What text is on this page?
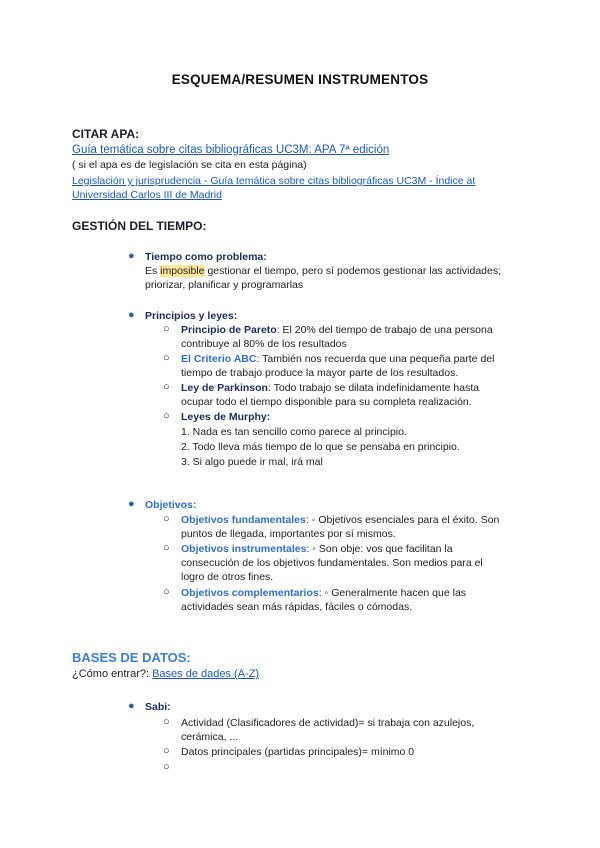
ESQUEMA/RESUMEN INSTRUMENTOS
CITAR APA:
Guía temática sobre citas bibliográficas UC3M: APA 7ª edición
( si el apa es de legislación se cita en esta página)
Legislación y jurisprudencia - Guía temática sobre citas bibliográficas UC3M - Índice at
Universidad Carlos III de Madrid
GESTIÓN DEL TIEMPO:
● Tiempo como problema:
Es imposible gestionar el tiempo, pero sí podemos gestionar las actividades;
priorizar, planificar y programarlas
● Principios y leyes:
○ Principio de Pareto: El 20% del tiempo de trabajo de una persona
contribuye al 80% de los resultados
○ El Criterio ABC: También nos recuerda que una pequeña parte del
tiempo de trabajo produce la mayor parte de los resultados.
○ Ley de Parkinson: Todo trabajo se dilata indefinidamente hasta
ocupar todo el tiempo disponible para su completa realización.
○ Leyes de Murphy:
1. Nada es tan sencillo como parece al principio.
2. Todo lleva más tiempo de lo que se pensaba en principio.
3. Si algo puede ir mal, irá mal
● Objetivos:
○ Objetivos fundamentales: ◦ Objetivos esenciales para el éxito. Son
puntos de llegada, importantes por sí mismos.
○ Objetivos instrumentales: ◦ Son obje: vos que facilitan la
consecución de los objetivos fundamentales. Son medios para el
logro de otros fines.
○ Objetivos complementarios: ◦ Generalmente hacen que las
actividades sean más rápidas, fáciles o cómodas.
BASES DE DATOS:
¿Cómo entrar?: Bases de dades (A-Z)
● Sabi:
○ Actividad (Clasificadores de actividad)= si trabaja con azulejos,
cerámica, ...
○ Datos principales (partidas principales)= mínimo 0
○
